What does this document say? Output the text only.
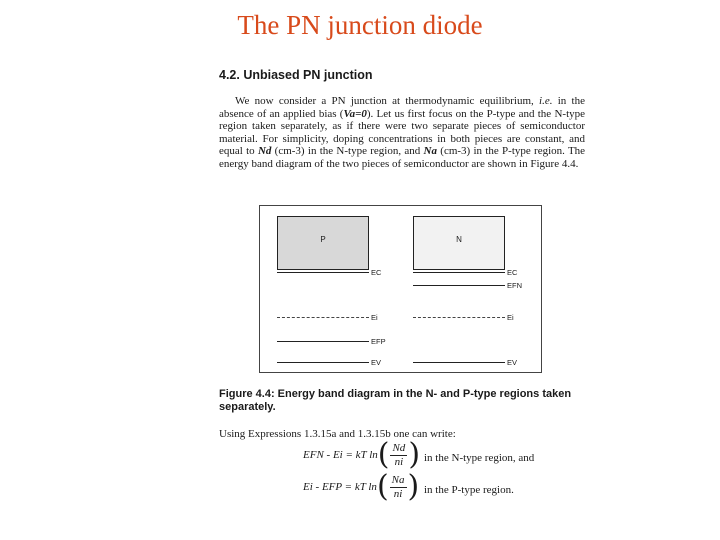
The PN junction diode
4.2. Unbiased PN junction
We now consider a PN junction at thermodynamic equilibrium, i.e. in the absence of an applied bias (Va=0). Let us first focus on the P-type and the N-type region taken separately, as if there were two separate pieces of semiconductor material. For simplicity, doping concentrations in both pieces are constant, and equal to Nd (cm-3) in the N-type region, and Na (cm-3) in the P-type region. The energy band diagram of the two pieces of semiconductor are shown in Figure 4.4.
P	N
EC
Ei
EFP
EV
EC
EFN
Ei
EV
Figure 4.4: Energy band diagram in the N- and P-type regions taken separately.
Using Expressions 1.3.15a and 1.3.15b one can write:
EFN - Ei = kT ln ( $\frac{Nd}{ni}$ ) in the N-type region, and
Ei - EFP = kT ln ( $\frac{Na}{ni}$ ) in the P-type region.
